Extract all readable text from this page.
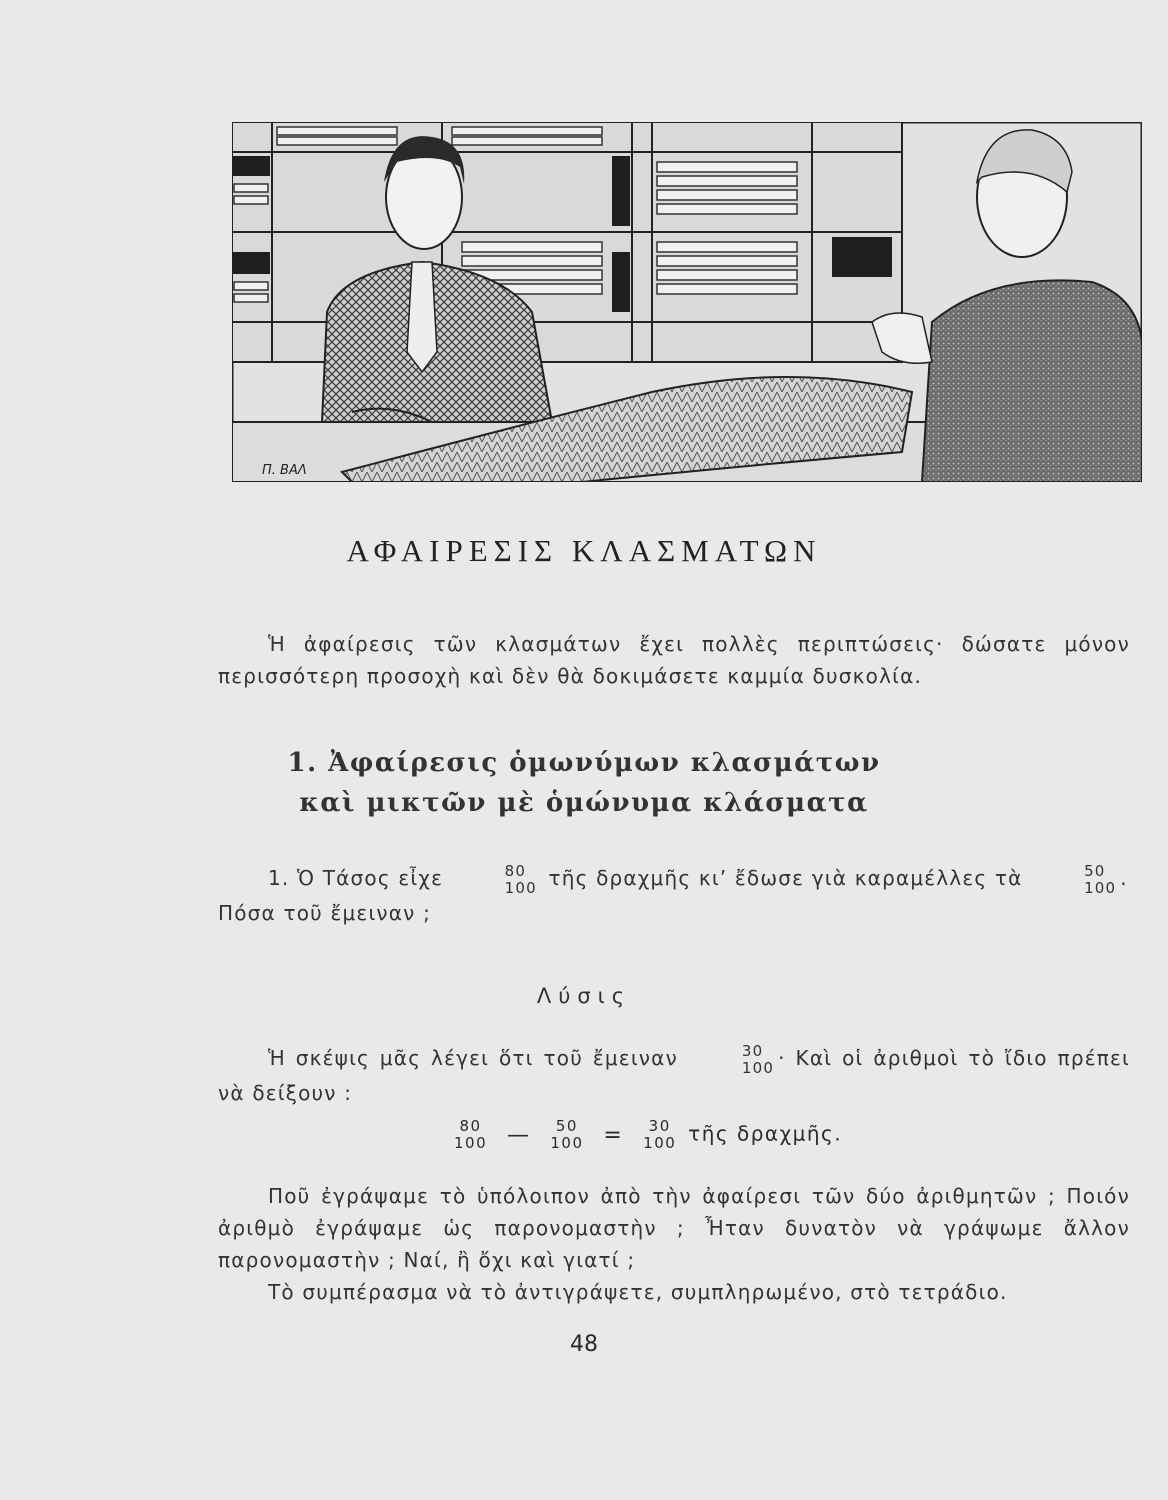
Π. ΒΑΛ
ΑΦΑΙΡΕΣΙΣ ΚΛΑΣΜΑΤΩΝ

Ἡ ἀφαίρεσις τῶν κλασμάτων ἔχει πολλὲς περιπτώσεις· δώσατε μόνον περισσότερη προσοχὴ καὶ δὲν θὰ δοκιμάσετε καμμία δυσκολία.

1. Ἀφαίρεσις ὁμωνύμων κλασμάτων
καὶ μικτῶν μὲ ὁμώνυμα κλάσματα

1. Ὁ Τάσος εἶχε	80
100 τῆς δραχμῆς κι’ ἔδωσε γιὰ καραμέλλες τὰ	50
100 .

Πόσα τοῦ ἔμειναν ;

Λύσις

Ἡ σκέψις μᾶς λέγει ὅτι τοῦ ἔμειναν	30
100 · Καὶ οἱ ἀριθμοὶ τὸ ἴδιο πρέπει νὰ δείξουν :

80
100 —	50
100 =	30
100 τῆς δραχμῆς.

Ποῦ ἐγράψαμε τὸ ὑπόλοιπον ἀπὸ τὴν ἀφαίρεσι τῶν δύο ἀριθμητῶν ; Ποιόν ἀριθμὸ ἐγράψαμε ὡς παρονομαστὴν ; Ἦταν δυνατὸν νὰ γράψωμε ἄλλον παρονομαστὴν ; Ναί, ἢ ὄχι καὶ γιατί ;

Τὸ συμπέρασμα νὰ τὸ ἀντιγράψετε, συμπληρωμένο, στὸ τετράδιο.

48
